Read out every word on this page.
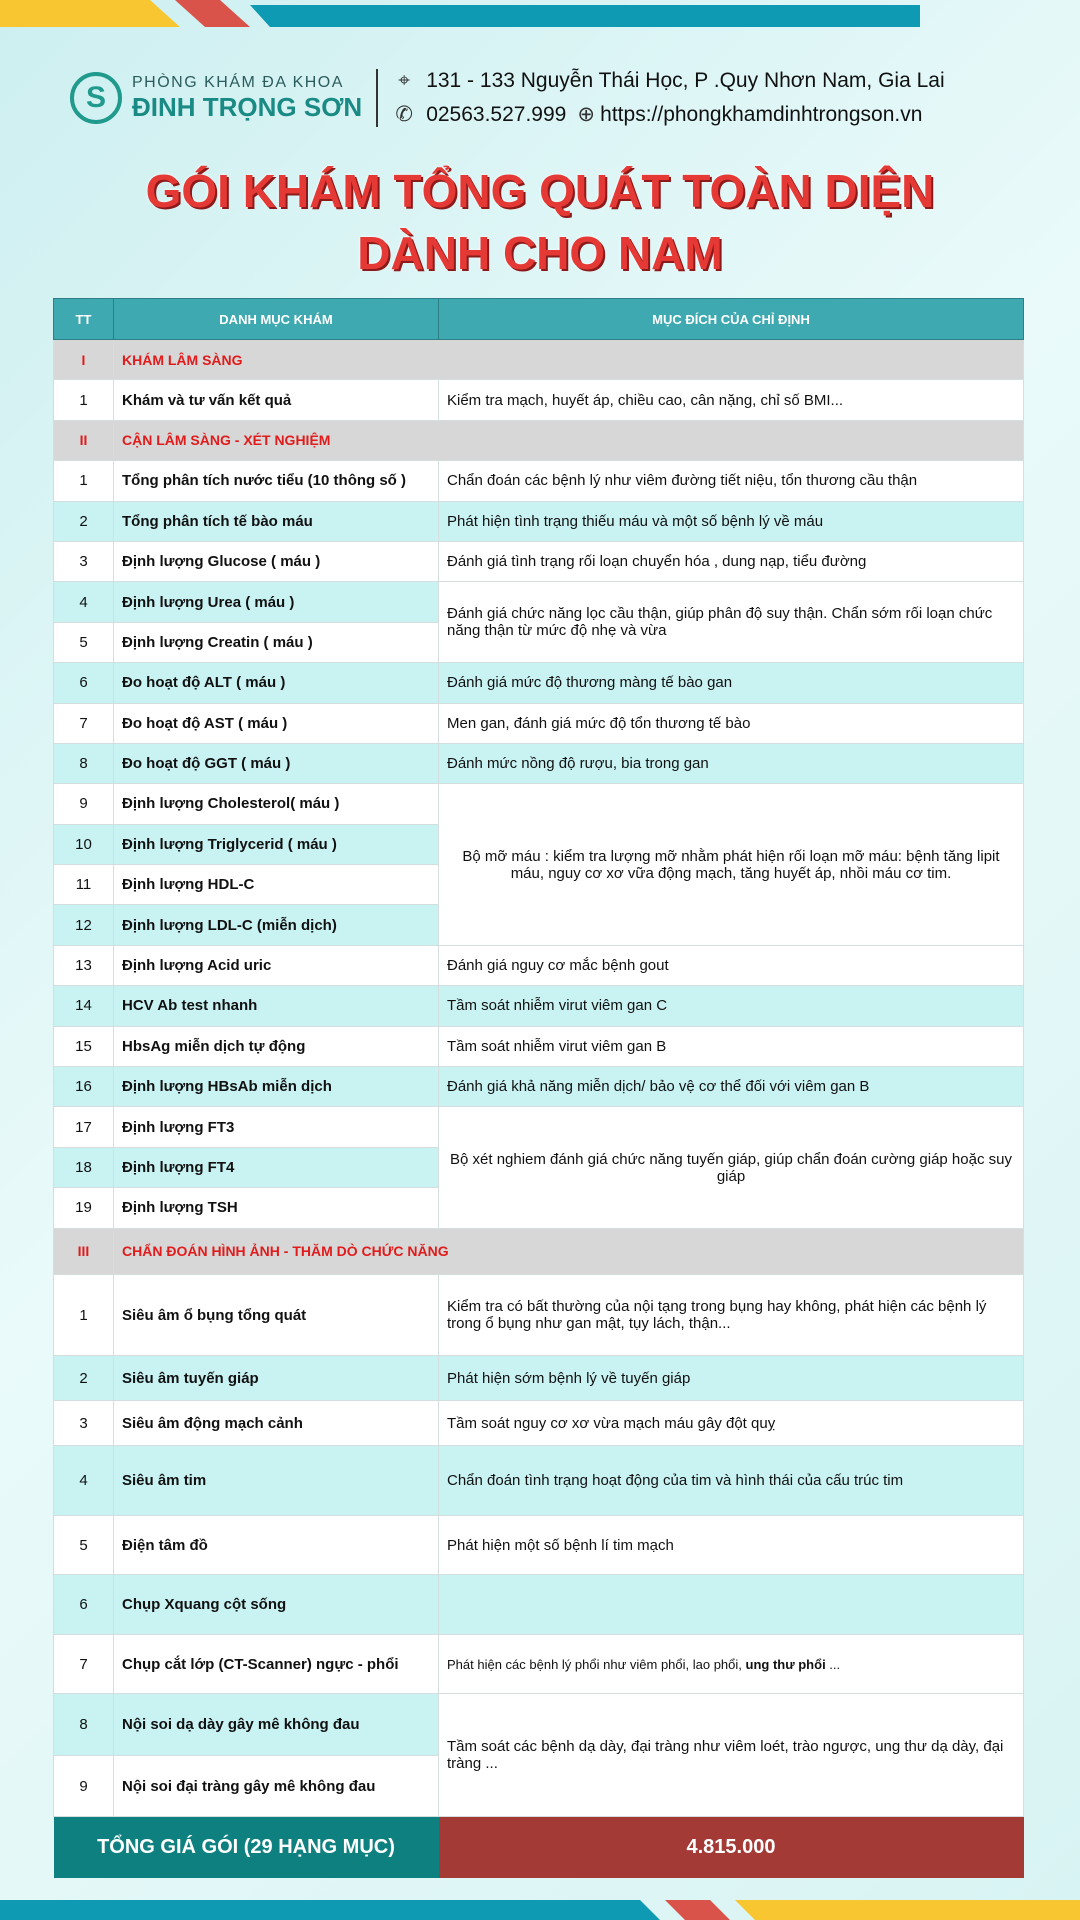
S	PHÒNG KHÁM ĐA KHOA
ĐINH TRỌNG SƠN
⌖ 131 - 133 Nguyễn Thái Học, P .Quy Nhơn Nam, Gia Lai
✆ 02563.527.999 ⊕ https://phongkhamdinhtrongson.vn
GÓI KHÁM TỔNG QUÁT TOÀN DIỆN
DÀNH CHO NAM
TT	DANH MỤC KHÁM	MỤC ĐÍCH CỦA CHỈ ĐỊNH
I	KHÁM LÂM SÀNG	
1	Khám và tư vấn kết quả	Kiểm tra mạch, huyết áp, chiều cao, cân nặng, chỉ số BMI...
II	CẬN LÂM SÀNG - XÉT NGHIỆM	
1	Tổng phân tích nước tiểu (10 thông số )	Chẩn đoán các bệnh lý như viêm đường tiết niệu, tổn thương cầu thận
2	Tổng phân tích tế bào máu	Phát hiện tình trạng thiếu máu và một số bệnh lý về máu
3	Định lượng Glucose ( máu )	Đánh giá tình trạng rối loạn chuyển hóa , dung nạp, tiểu đường
4	Định lượng Urea ( máu )	Đánh giá chức năng lọc cầu thận, giúp phân độ suy thận. Chẩn sớm rối loạn chức năng thận từ mức độ nhẹ và vừa
5	Định lượng Creatin ( máu )	
6	Đo hoạt độ ALT ( máu )	Đánh giá mức độ thương màng tế bào gan
7	Đo hoạt độ AST ( máu )	Men gan, đánh giá mức độ tổn thương tế bào
8	Đo hoạt độ GGT ( máu )	Đánh mức nồng độ rượu, bia trong gan
9	Định lượng Cholesterol( máu )	Bộ mỡ máu : kiểm tra lượng mỡ nhằm phát hiện rối loạn mỡ máu: bệnh tăng lipit máu, nguy cơ xơ vữa động mạch, tăng huyết áp, nhồi máu cơ tim.
10	Định lượng Triglycerid ( máu )	
11	Định lượng HDL-C	
12	Định lượng LDL-C (miễn dịch)	
13	Định lượng Acid uric	Đánh giá nguy cơ mắc bệnh gout
14	HCV Ab test nhanh	Tầm soát nhiễm virut viêm gan C
15	HbsAg miễn dịch tự động	Tầm soát nhiễm virut viêm gan B
16	Định lượng HBsAb miễn dịch	Đánh giá khả năng miễn dịch/ bảo vệ cơ thể đối với viêm gan B
17	Định lượng FT3	Bộ xét nghiem đánh giá chức năng tuyến giáp, giúp chẩn đoán cường giáp hoặc suy giáp
18	Định lượng FT4	
19	Định lượng TSH	
III	CHẨN ĐOÁN HÌNH ẢNH - THĂM DÒ CHỨC NĂNG	
1	Siêu âm ổ bụng tổng quát	Kiểm tra có bất thường của nội tạng trong bụng hay không, phát hiện các bệnh lý trong ổ bụng như gan mật, tụy lách, thận...
2	Siêu âm tuyến giáp	Phát hiện sớm bệnh lý về tuyến giáp
3	Siêu âm động mạch cảnh	Tầm soát nguy cơ xơ vừa mạch máu gây đột quỵ
4	Siêu âm tim	Chẩn đoán tình trạng hoạt động của tim và hình thái của cấu trúc tim
5	Điện tâm đồ	Phát hiện một số bệnh lí tim mạch
6	Chụp Xquang cột sống	
7	Chụp cắt lớp (CT-Scanner) ngực - phổi	Phát hiện các bệnh lý phổi như viêm phổi, lao phổi, ung thư phổi ...
8	Nội soi dạ dày gây mê không đau	Tầm soát các bệnh dạ dày, đại tràng như viêm loét, trào ngược, ung thư dạ dày, đại tràng ...
9	Nội soi đại tràng gây mê không đau	
TỔNG GIÁ GÓI (29 HẠNG MỤC)		4.815.000
